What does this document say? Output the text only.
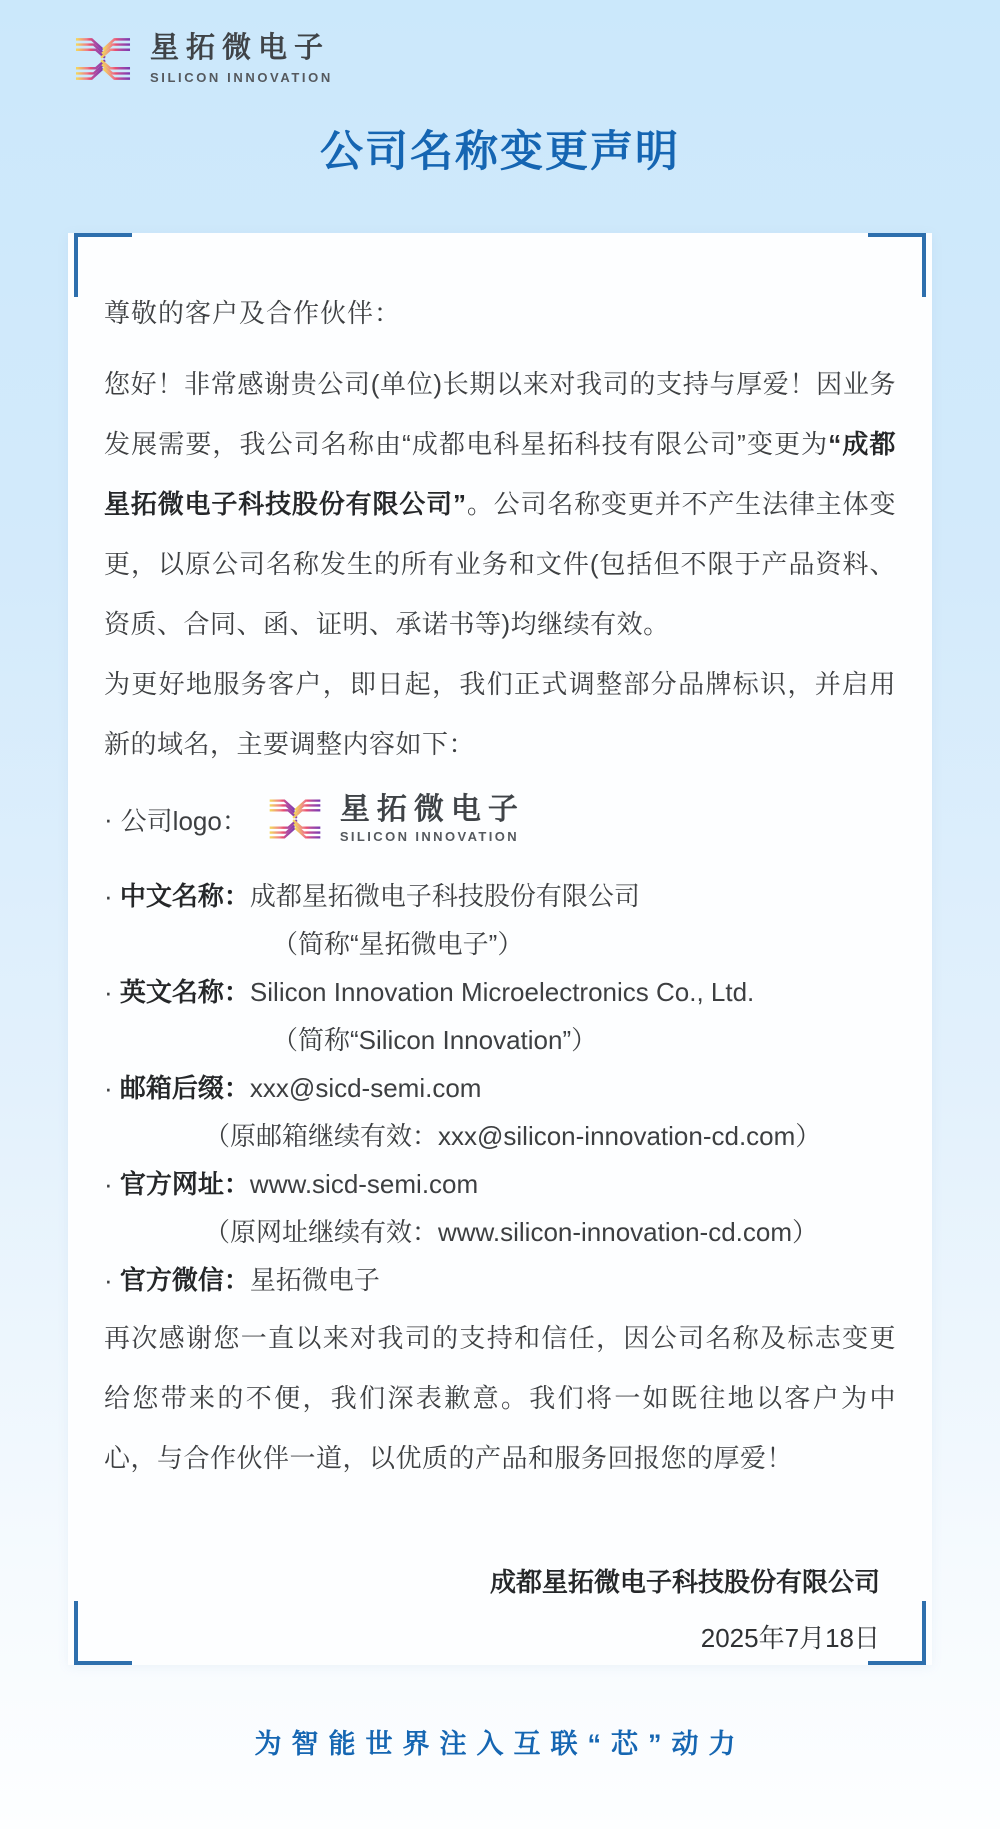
星拓微电子
SILICON INNOVATION
公司名称变更声明
尊敬的客户及合作伙伴：

您好！非常感谢贵公司(单位)长期以来对我司的支持与厚爱！因业务发展需要，我公司名称由“成都电科星拓科技有限公司”变更为“成都星拓微电子科技股份有限公司”。公司名称变更并不产生法律主体变更，以原公司名称发生的所有业务和文件(包括但不限于产品资料、资质、合同、函、证明、承诺书等)均继续有效。

为更好地服务客户，即日起，我们正式调整部分品牌标识，并启用新的域名，主要调整内容如下：

· 公司logo：	星拓微电子
SILICON INNOVATION
· 中文名称：成都星拓微电子科技股份有限公司
（简称“星拓微电子”）
· 英文名称：Silicon Innovation Microelectronics Co., Ltd.
（简称“Silicon Innovation”）
· 邮箱后缀：xxx@sicd-semi.com
（原邮箱继续有效：xxx@silicon-innovation-cd.com）
· 官方网址：www.sicd-semi.com
（原网址继续有效：www.silicon-innovation-cd.com）
· 官方微信：星拓微电子

再次感谢您一直以来对我司的支持和信任，因公司名称及标志变更给您带来的不便，我们深表歉意。我们将一如既往地以客户为中心，与合作伙伴一道，以优质的产品和服务回报您的厚爱！

成都星拓微电子科技股份有限公司
2025年7月18日
为智能世界注入互联“芯”动力
